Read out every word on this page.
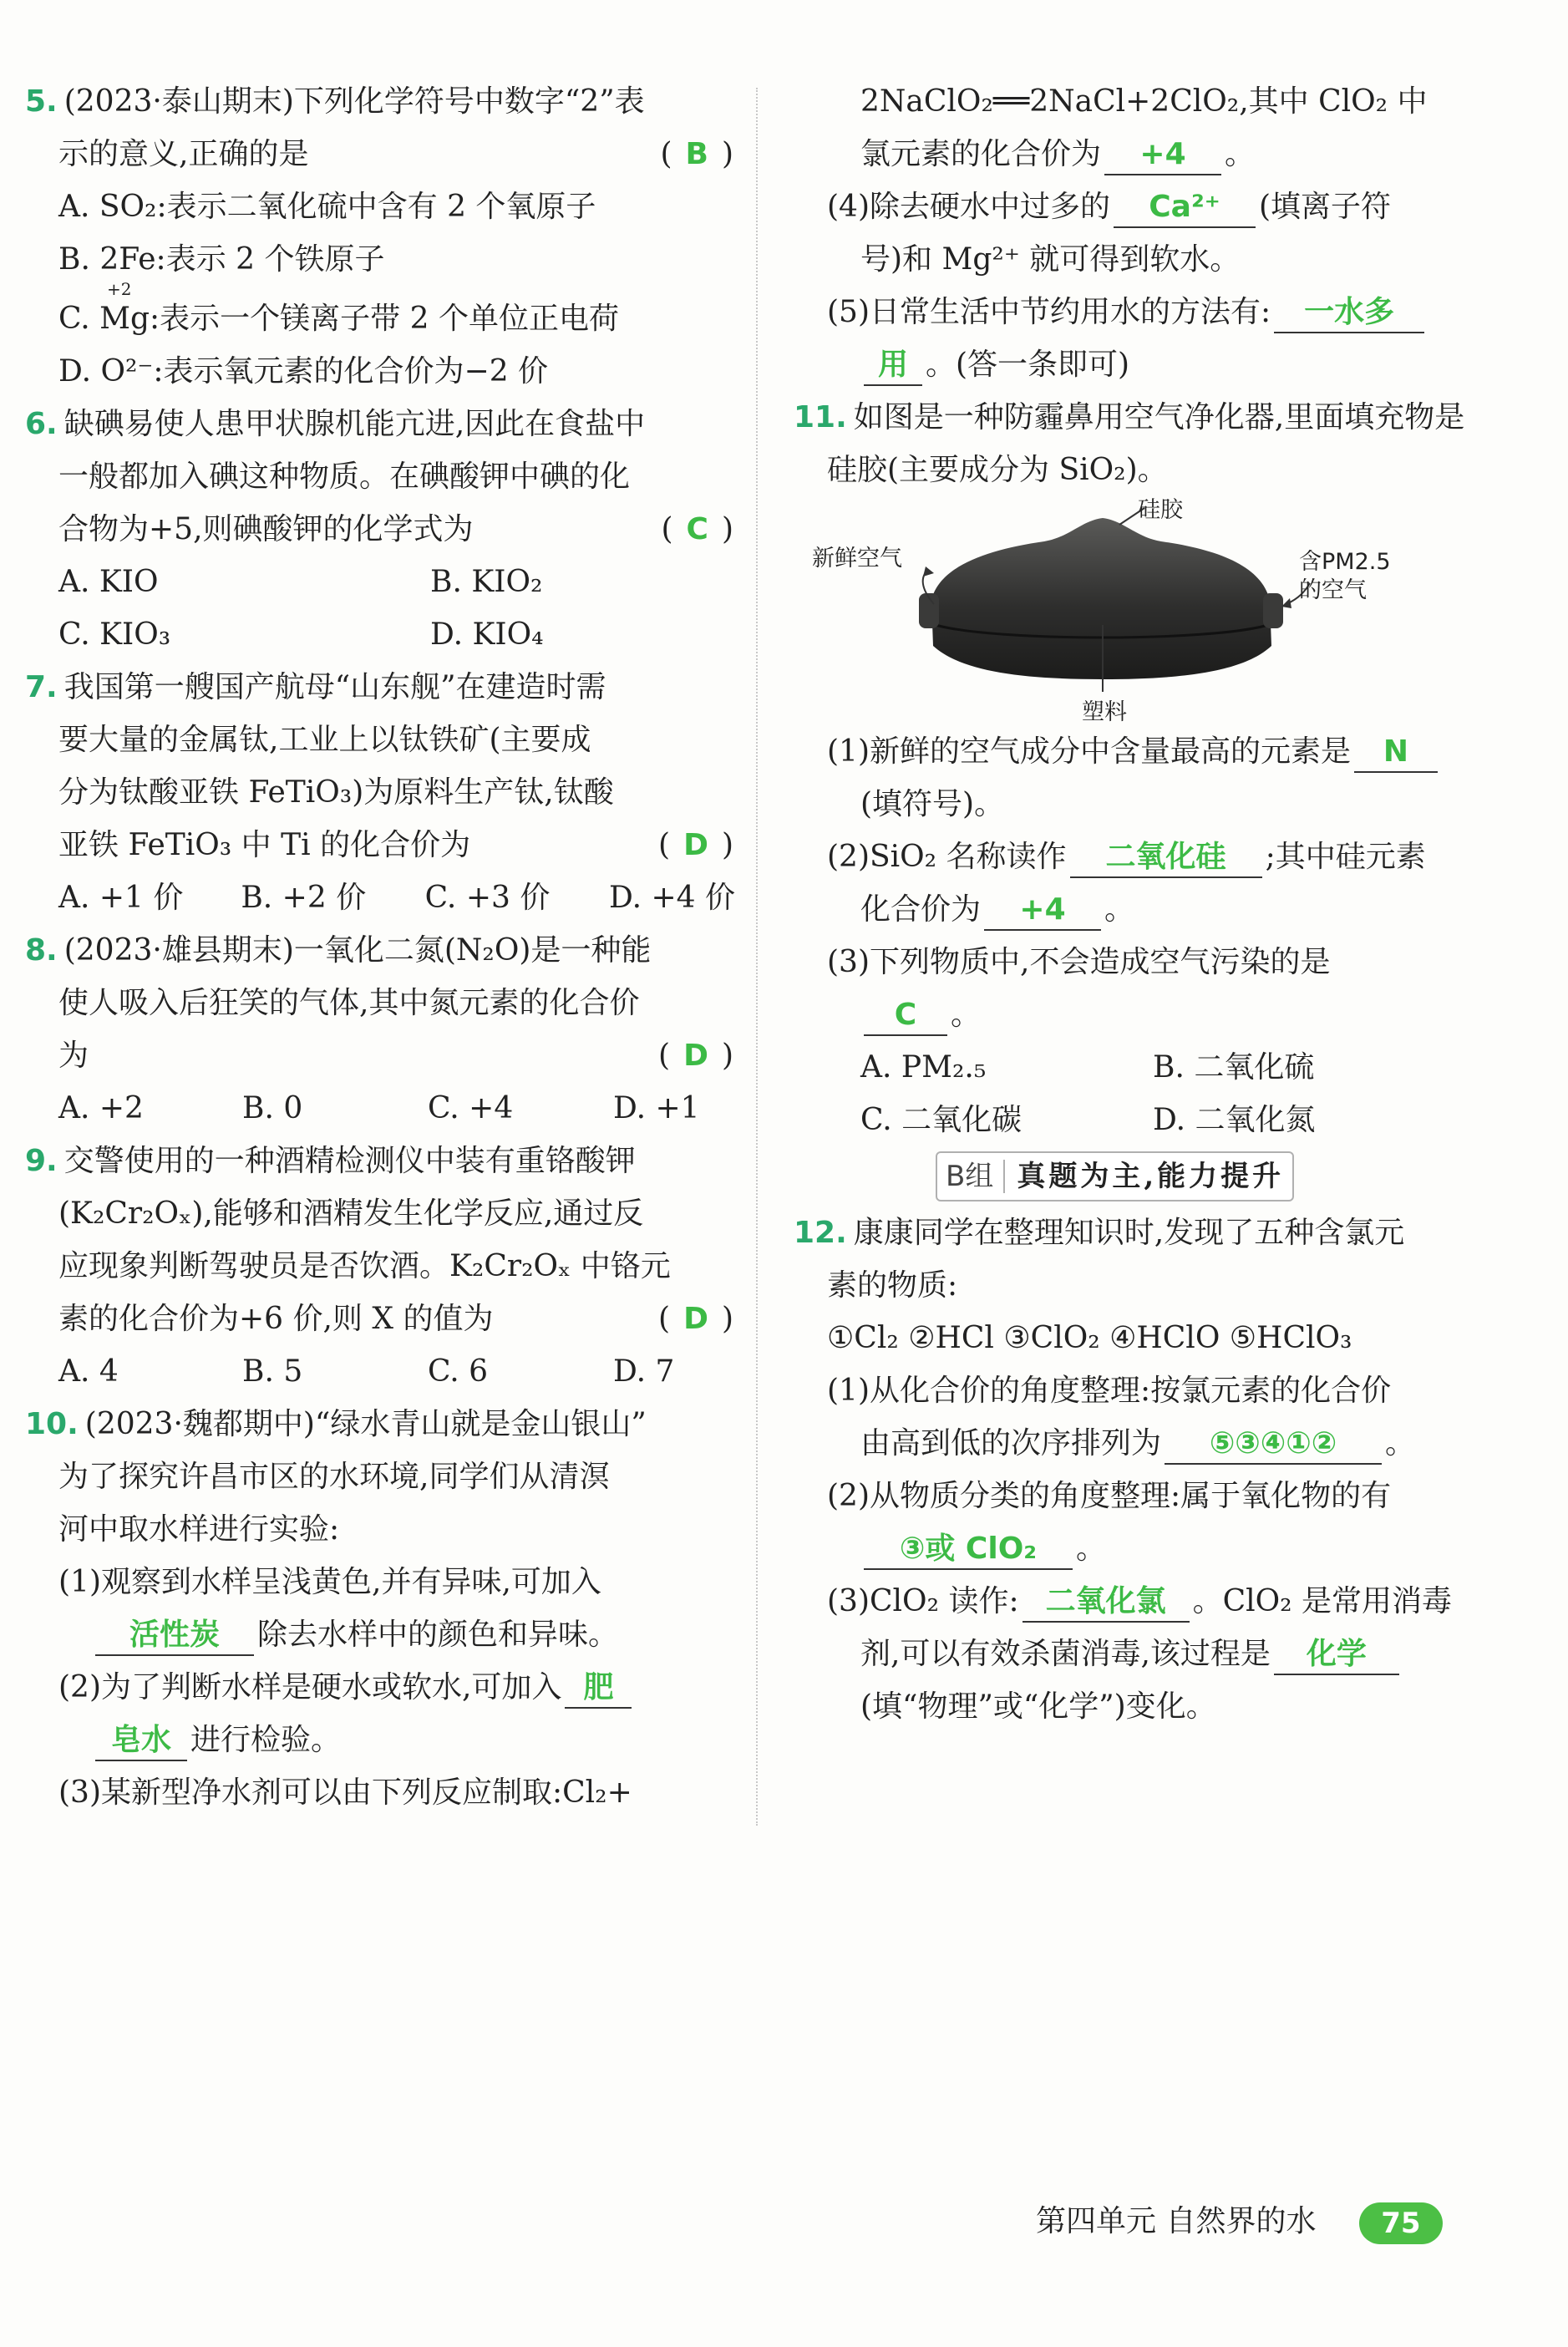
5. (2023·泰山期末)下列化学符号中数字“2”表
示的意义,正确的是	( B )
A. SO₂:表示二氧化硫中含有 2 个氧原子
B. 2Fe:表示 2 个铁原子
+2
C. Mg:表示一个镁离子带 2 个单位正电荷
D. O²⁻:表示氧元素的化合价为−2 价
6. 缺碘易使人患甲状腺机能亢进,因此在食盐中
一般都加入碘这种物质。在碘酸钾中碘的化
合物为+5,则碘酸钾的化学式为	( C )
A. KIO	B. KIO₂
C. KIO₃	D. KIO₄
7. 我国第一艘国产航母“山东舰”在建造时需
要大量的金属钛,工业上以钛铁矿(主要成
分为钛酸亚铁 FeTiO₃)为原料生产钛,钛酸
亚铁 FeTiO₃ 中 Ti 的化合价为	( D )
A. +1 价	B. +2 价	C. +3 价	D. +4 价
8. (2023·雄县期末)一氧化二氮(N₂O)是一种能
使人吸入后狂笑的气体,其中氮元素的化合价
为	( D )
A. +2	B. 0	C. +4	D. +1
9. 交警使用的一种酒精检测仪中装有重铬酸钾
(K₂Cr₂Oₓ),能够和酒精发生化学反应,通过反
应现象判断驾驶员是否饮酒。K₂Cr₂Oₓ 中铬元
素的化合价为+6 价,则 X 的值为	( D )
A. 4	B. 5	C. 6	D. 7
10. (2023·魏都期中)“绿水青山就是金山银山”
为了探究许昌市区的水环境,同学们从清溟
河中取水样进行实验:
(1)观察到水样呈浅黄色,并有异味,可加入
活性炭 除去水样中的颜色和异味。
(2)为了判断水样是硬水或软水,可加入 肥
皂水 进行检验。
(3)某新型净水剂可以由下列反应制取:Cl₂+
2NaClO₂══2NaCl+2ClO₂,其中 ClO₂ 中
氯元素的化合价为 +4 。
(4)除去硬水中过多的 Ca²⁺ (填离子符
号)和 Mg²⁺ 就可得到软水。
(5)日常生活中节约用水的方法有: 一水多
用 。(答一条即可)
11. 如图是一种防霾鼻用空气净化器,里面填充物是
硅胶(主要成分为 SiO₂)。
硅胶
新鲜空气	含PM2.5
的空气
塑料
(1)新鲜的空气成分中含量最高的元素是 N
(填符号)。
(2)SiO₂ 名称读作 二氧化硅 ;其中硅元素
化合价为 +4 。
(3)下列物质中,不会造成空气污染的是
C 。
A. PM₂.₅	B. 二氧化硫
C. 二氧化碳	D. 二氧化氮
B组 真题为主,能力提升
12. 康康同学在整理知识时,发现了五种含氯元
素的物质:
①Cl₂ ②HCl ③ClO₂ ④HClO ⑤HClO₃
(1)从化合价的角度整理:按氯元素的化合价
由高到低的次序排列为 ⑤③④①② 。
(2)从物质分类的角度整理:属于氧化物的有
③或 ClO₂ 。
(3)ClO₂ 读作: 二氧化氯 。ClO₂ 是常用消毒
剂,可以有效杀菌消毒,该过程是 化学
(填“物理”或“化学”)变化。
第四单元 自然界的水 75
